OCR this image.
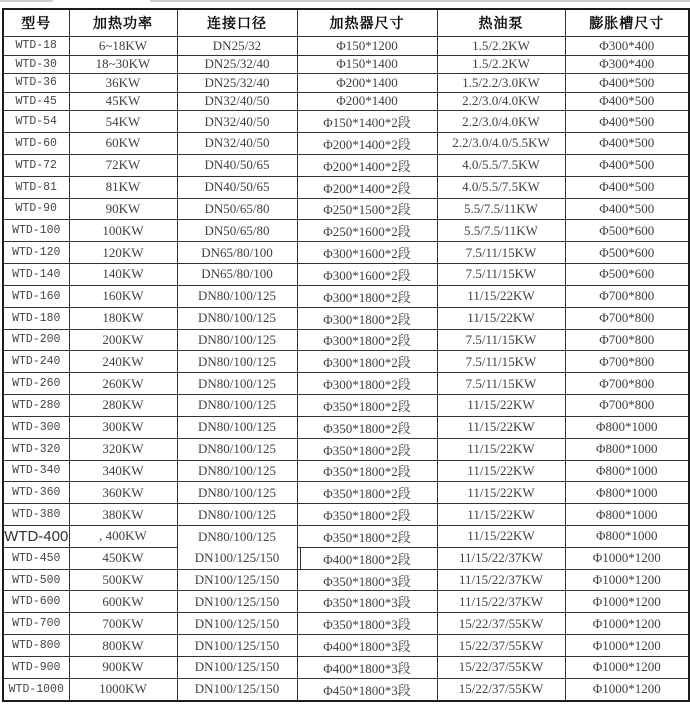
型号	加热功率	连接口径	加热器尺寸	热油泵	膨胀槽尺寸
WTD-18	6~18KW	DN25/32	Φ150*1200	1.5/2.2KW	Φ300*400
WTD-30	18~30KW	DN25/32/40	Φ150*1400	1.5/2.2KW	Φ300*400
WTD-36	36KW	DN25/32/40	Φ200*1400	1.5/2.2/3.0KW	Φ400*500
WTD-45	45KW	DN32/40/50	Φ200*1400	2.2/3.0/4.0KW	Φ400*500
WTD-54	54KW	DN32/40/50	Φ150*1400*2段	2.2/3.0/4.0KW	Φ400*500
WTD-60	60KW	DN32/40/50	Φ200*1400*2段	2.2/3.0/4.0/5.5KW	Φ400*500
WTD-72	72KW	DN40/50/65	Φ200*1400*2段	4.0/5.5/7.5KW	Φ400*500
WTD-81	81KW	DN40/50/65	Φ200*1400*2段	4.0/5.5/7.5KW	Φ400*500
WTD-90	90KW	DN50/65/80	Φ250*1500*2段	5.5/7.5/11KW	Φ400*500
WTD-100	100KW	DN50/65/80	Φ250*1600*2段	5.5/7.5/11KW	Φ500*600
WTD-120	120KW	DN65/80/100	Φ300*1600*2段	7.5/11/15KW	Φ500*600
WTD-140	140KW	DN65/80/100	Φ300*1600*2段	7.5/11/15KW	Φ500*600
WTD-160	160KW	DN80/100/125	Φ300*1800*2段	11/15/22KW	Φ700*800
WTD-180	180KW	DN80/100/125	Φ300*1800*2段	11/15/22KW	Φ700*800
WTD-200	200KW	DN80/100/125	Φ300*1800*2段	7.5/11/15KW	Φ700*800
WTD-240	240KW	DN80/100/125	Φ300*1800*2段	7.5/11/15KW	Φ700*800
WTD-260	260KW	DN80/100/125	Φ300*1800*2段	7.5/11/15KW	Φ700*800
WTD-280	280KW	DN80/100/125	Φ350*1800*2段	11/15/22KW	Φ700*800
WTD-300	300KW	DN80/100/125	Φ350*1800*2段	11/15/22KW	Φ800*1000
WTD-320	320KW	DN80/100/125	Φ350*1800*2段	11/15/22KW	Φ800*1000
WTD-340	340KW	DN80/100/125	Φ350*1800*2段	11/15/22KW	Φ800*1000
WTD-360	360KW	DN80/100/125	Φ350*1800*2段	11/15/22KW	Φ800*1000
WTD-380	380KW	DN80/100/125	Φ350*1800*2段	11/15/22KW	Φ800*1000
WTD-400	, 400KW	DN80/100/125	Φ350*1800*2段	11/15/22KW	Φ800*1000
WTD-450	450KW	DN100/125/150	Φ400*1800*2段	11/15/22/37KW	Φ1000*1200
WTD-500	500KW	DN100/125/150	Φ350*1800*3段	11/15/22/37KW	Φ1000*1200
WTD-600	600KW	DN100/125/150	Φ350*1800*3段	11/15/22/37KW	Φ1000*1200
WTD-700	700KW	DN100/125/150	Φ350*1800*3段	15/22/37/55KW	Φ1000*1200
WTD-800	800KW	DN100/125/150	Φ400*1800*3段	15/22/37/55KW	Φ1000*1200
WTD-900	900KW	DN100/125/150	Φ400*1800*3段	15/22/37/55KW	Φ1000*1200
WTD-1000	1000KW	DN100/125/150	Φ450*1800*3段	15/22/37/55KW	Φ1000*1200
